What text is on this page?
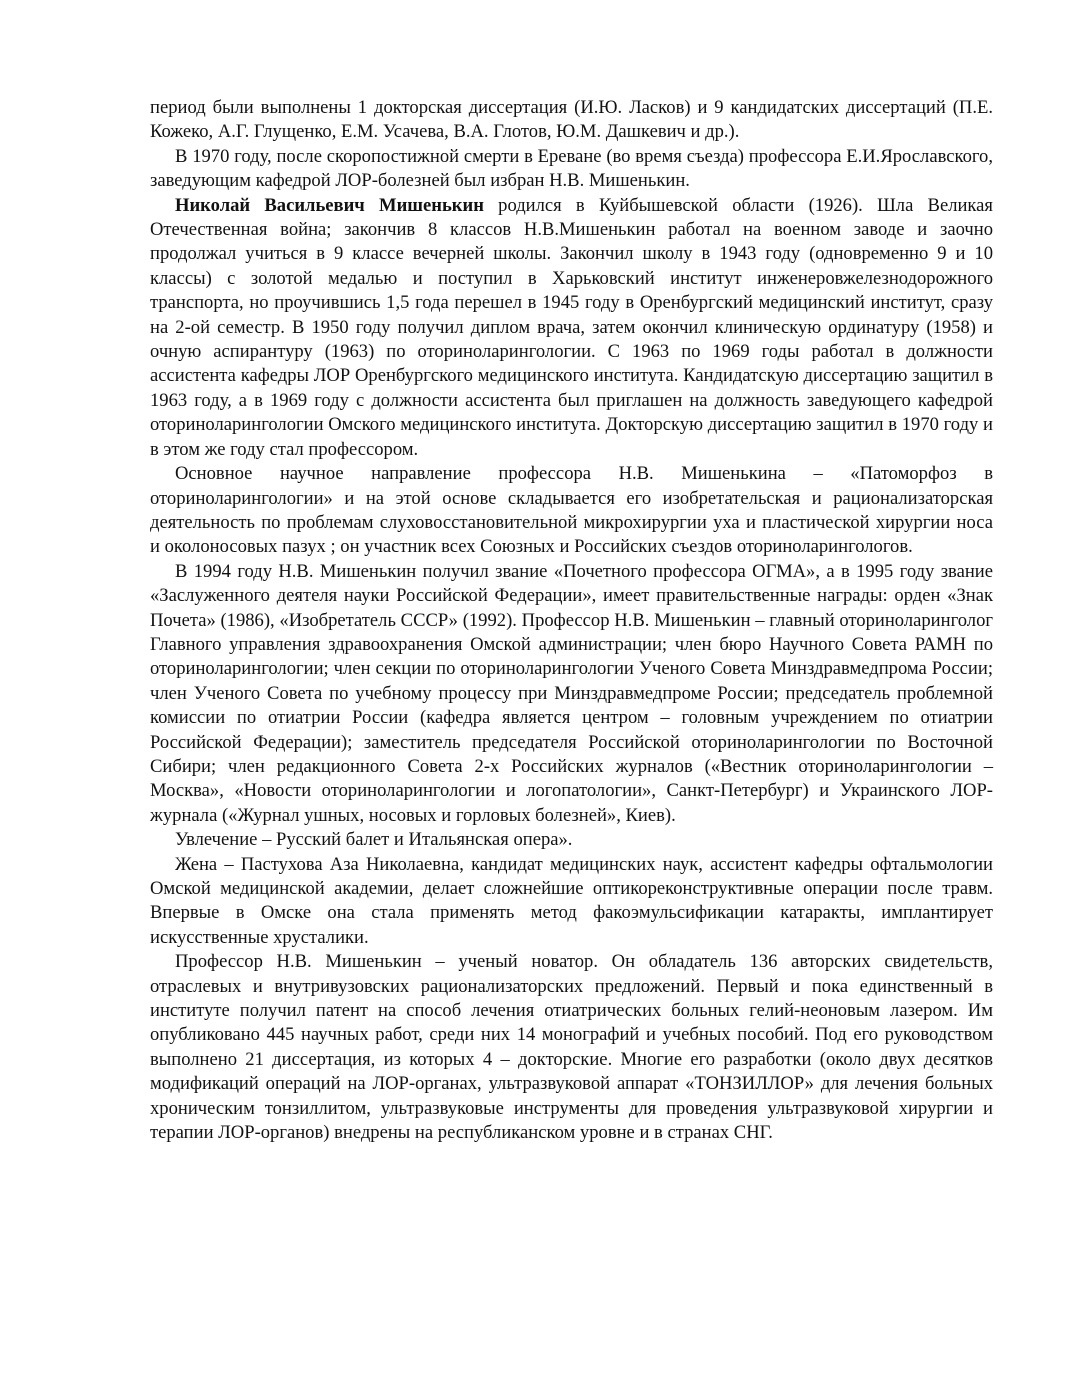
период были выполнены 1 докторская диссертация (И.Ю. Ласков) и 9 кандидатских диссертаций (П.Е. Кожеко, А.Г. Глущенко, Е.М. Усачева, В.А. Глотов, Ю.М. Дашкевич и др.).

В 1970 году, после скоропостижной смерти в Ереване (во время съезда) профессора Е.И.Ярославского, заведующим кафедрой ЛОР-болезней был избран Н.В. Мишенькин.

Николай Васильевич Мишенькин родился в Куйбышевской области (1926). Шла Великая Отечественная война; закончив 8 классов Н.В.Мишенькин работал на военном заводе и заочно продолжал учиться в 9 классе вечерней школы. Закончил школу в 1943 году (одновременно 9 и 10 классы) с золотой медалью и поступил в Харьковский институт инженеровжелезнодорожного транспорта, но проучившись 1,5 года перешел в 1945 году в Оренбургский медицинский институт, сразу на 2-ой семестр. В 1950 году получил диплом врача, затем окончил клиническую ординатуру (1958) и очную аспирантуру (1963) по оториноларингологии. С 1963 по 1969 годы работал в должности ассистента кафедры ЛОР Оренбургского медицинского института. Кандидатскую диссертацию защитил в 1963 году, а в 1969 году с должности ассистента был приглашен на должность заведующего кафедрой оториноларингологии Омского медицинского института. Докторскую диссертацию защитил в 1970 году и в этом же году стал профессором.

Основное научное направление профессора Н.В. Мишенькина – «Патоморфоз в оториноларингологии» и на этой основе складывается его изобретательская и рационализаторская деятельность по проблемам слуховосстановительной микрохирургии уха и пластической хирургии носа и околоносовых пазух ; он участник всех Союзных и Российских съездов оториноларингологов.

В 1994 году Н.В. Мишенькин получил звание «Почетного профессора ОГМА», а в 1995 году звание «Заслуженного деятеля науки Российской Федерации», имеет правительственные награды: орден «Знак Почета» (1986), «Изобретатель СССР» (1992). Профессор Н.В. Мишенькин – главный оториноларинголог Главного управления здравоохранения Омской администрации; член бюро Научного Совета РАМН по оториноларингологии; член секции по оториноларингологии Ученого Совета Минздравмедпрома России; член Ученого Совета по учебному процессу при Минздравмедпроме России; председатель проблемной комиссии по отиатрии России (кафедра является центром – головным учреждением по отиатрии Российской Федерации); заместитель председателя Российской оториноларингологии по Восточной Сибири; член редакционного Совета 2-х Российских журналов («Вестник оториноларингологии – Москва», «Новости оториноларингологии и логопатологии», Санкт-Петербург) и Украинского ЛОР-журнала («Журнал ушных, носовых и горловых болезней», Киев).

Увлечение – Русский балет и Итальянская опера».

Жена – Пастухова Аза Николаевна, кандидат медицинских наук, ассистент кафедры офтальмологии Омской медицинской академии, делает сложнейшие оптикореконструктивные операции после травм. Впервые в Омске она стала применять метод факоэмульсификации катаракты, имплантирует искусственные хрусталики.

Профессор Н.В. Мишенькин – ученый новатор. Он обладатель 136 авторских свидетельств, отраслевых и внутривузовских рационализаторских предложений. Первый и пока единственный в институте получил патент на способ лечения отиатрических больных гелий-неоновым лазером. Им опубликовано 445 научных работ, среди них 14 монографий и учебных пособий. Под его руководством выполнено 21 диссертация, из которых 4 – докторские. Многие его разработки (около двух десятков модификаций операций на ЛОР-органах, ультразвуковой аппарат «ТОНЗИЛЛОР» для лечения больных хроническим тонзиллитом, ультразвуковые инструменты для проведения ультразвуковой хирургии и терапии ЛОР-органов) внедрены на республиканском уровне и в странах СНГ.
